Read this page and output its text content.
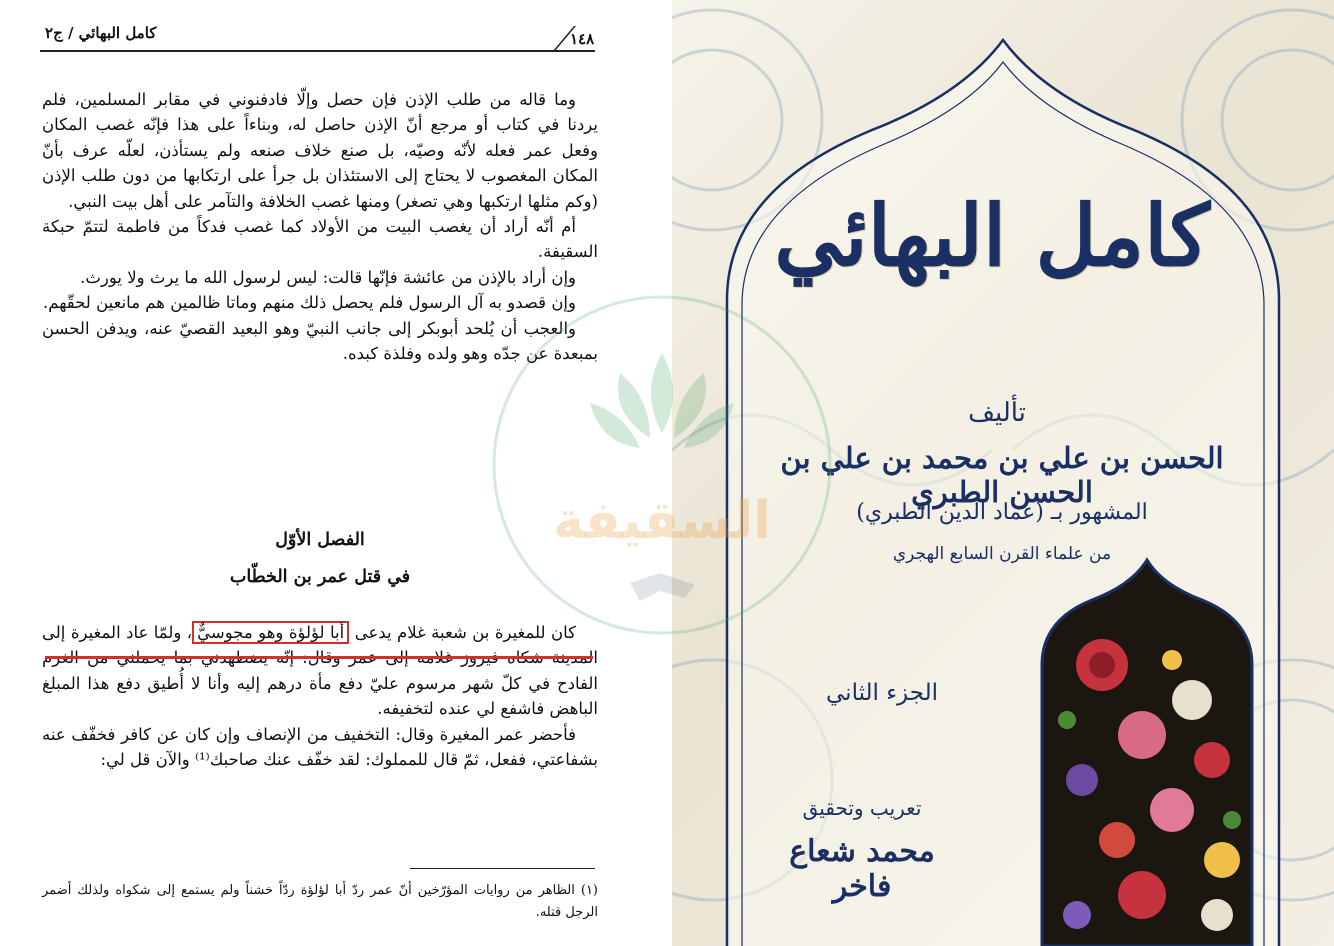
كامل البهائي / ج٢	١٤٨

وما قاله من طلب الإذن فإن حصل وإلّا فادفنوني في مقابر المسلمين، فلم يردنا في كتاب أو مرجع أنّ الإذن حاصل له، وبناءاً على هذا فإنّه غصب المكان وفعل عمر فعله لأنّه وصيّه، بل صنع خلاف صنعه ولم يستأذن، لعلّه عرف بأنّ المكان المغصوب لا يحتاج إلى الاستئذان بل جرأ على ارتكابها من دون طلب الإذن (وكم مثلها ارتكبها وهي تصغر) ومنها غصب الخلافة والتآمر على أهل بيت النبي.

أم أنّه أراد أن يغصب البيت من الأولاد كما غصب فدكاً من فاطمة لتتمّ حبكة السقيفة.

وإن أراد بالإذن من عائشة فإنّها قالت: ليس لرسول الله ما يرث ولا يورث.

وإن قصدو به آل الرسول فلم يحصل ذلك منهم وماتا ظالمين هم مانعين لحقّهم.

والعجب أن يُلحد أبوبكر إلى جانب النبيّ وهو البعيد القصيّ عنه، ويدفن الحسن بمبعدة عن جدّه وهو ولده وفلذة كبده.

الفصل الأوّل
في قتل عمر بن الخطّاب

كان للمغيرة بن شعبة غلام يدعى أبا لؤلؤة وهو مجوسيٌّ، ولمّا عاد المغيرة إلى المدينة شكاه فيروز غلامه إلى عمر وقال: إنّه يضطهدني بما يحملني من الغرم الفادح في كلّ شهر مرسوم عليّ دفع مأة درهم إليه وأنا لا أُطيق دفع هذا المبلغ الباهض فاشفع لي عنده لتخفيفه.

فأحضر عمر المغيرة وقال: التخفيف من الإنصاف وإن كان عن كافر فخفّف عنه بشفاعتي، ففعل، ثمّ قال للمملوك: لقد خفّف عنك صاحبك⁽¹⁾ والآن قل لي:

(١) الظاهر من روايات المؤرّخين أنّ عمر ردّ أبا لؤلؤة ردّاً خشناً ولم يستمع إلى شكواه ولذلك أضمر الرجل قتله.
كامل البهائي
تأليف
الحسن بن علي بن محمد بن علي بن الحسن الطبري
المشهور بـ (عماد الدين الطبري)
من علماء القرن السابع الهجري
الجزء الثاني
تعريب وتحقيق
محمد شعاع فاخر
السقيفة
